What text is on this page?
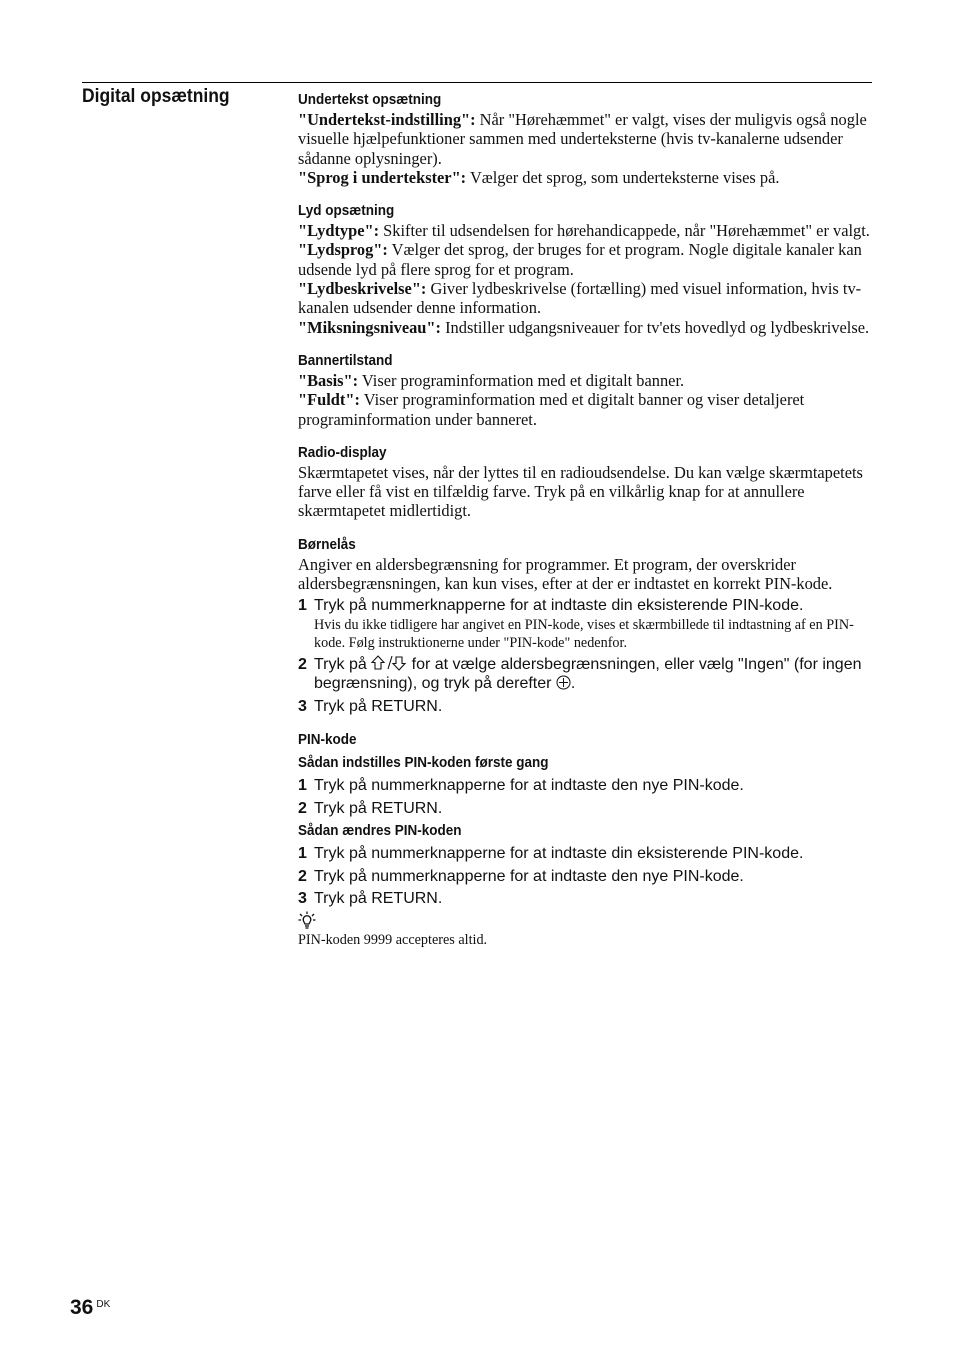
Digital opsætning	Undertekst opsætning
"Undertekst-indstilling": Når "Hørehæmmet" er valgt, vises der muligvis også nogle visuelle hjælpefunktioner sammen med underteksterne (hvis tv-kanalerne udsender sådanne oplysninger).
"Sprog i undertekster": Vælger det sprog, som underteksterne vises på.
Lyd opsætning
"Lydtype": Skifter til udsendelsen for hørehandicappede, når "Hørehæmmet" er valgt.
"Lydsprog": Vælger det sprog, der bruges for et program. Nogle digitale kanaler kan udsende lyd på flere sprog for et program.
"Lydbeskrivelse": Giver lydbeskrivelse (fortælling) med visuel information, hvis tv-kanalen udsender denne information.
"Miksningsniveau": Indstiller udgangsniveauer for tv'ets hovedlyd og lydbeskrivelse.
Bannertilstand
"Basis": Viser programinformation med et digitalt banner.
"Fuldt": Viser programinformation med et digitalt banner og viser detaljeret programinformation under banneret.
Radio-display
Skærmtapetet vises, når der lyttes til en radioudsendelse. Du kan vælge skærmtapetets farve eller få vist en tilfældig farve. Tryk på en vilkårlig knap for at annullere skærmtapetet midlertidigt.
Børnelås
Angiver en aldersbegrænsning for programmer. Et program, der overskrider aldersbegrænsningen, kan kun vises, efter at der er indtastet en korrekt PIN-kode.
1 Tryk på nummerknapperne for at indtaste din eksisterende PIN-kode.
Hvis du ikke tidligere har angivet en PIN-kode, vises et skærmbillede til indtastning af en PIN-kode. Følg instruktionerne under "PIN-kode" nedenfor.
2 Tryk på  for at vælge aldersbegrænsningen, eller vælg "Ingen" (for ingen begrænsning), og tryk på derefter .
3 Tryk på RETURN.
PIN-kode
Sådan indstilles PIN-koden første gang
1 Tryk på nummerknapperne for at indtaste den nye PIN-kode.
2 Tryk på RETURN.
Sådan ændres PIN-koden
1 Tryk på nummerknapperne for at indtaste din eksisterende PIN-kode.
2 Tryk på nummerknapperne for at indtaste den nye PIN-kode.
3 Tryk på RETURN.
PIN-koden 9999 accepteres altid.
36 $^{DK}$
